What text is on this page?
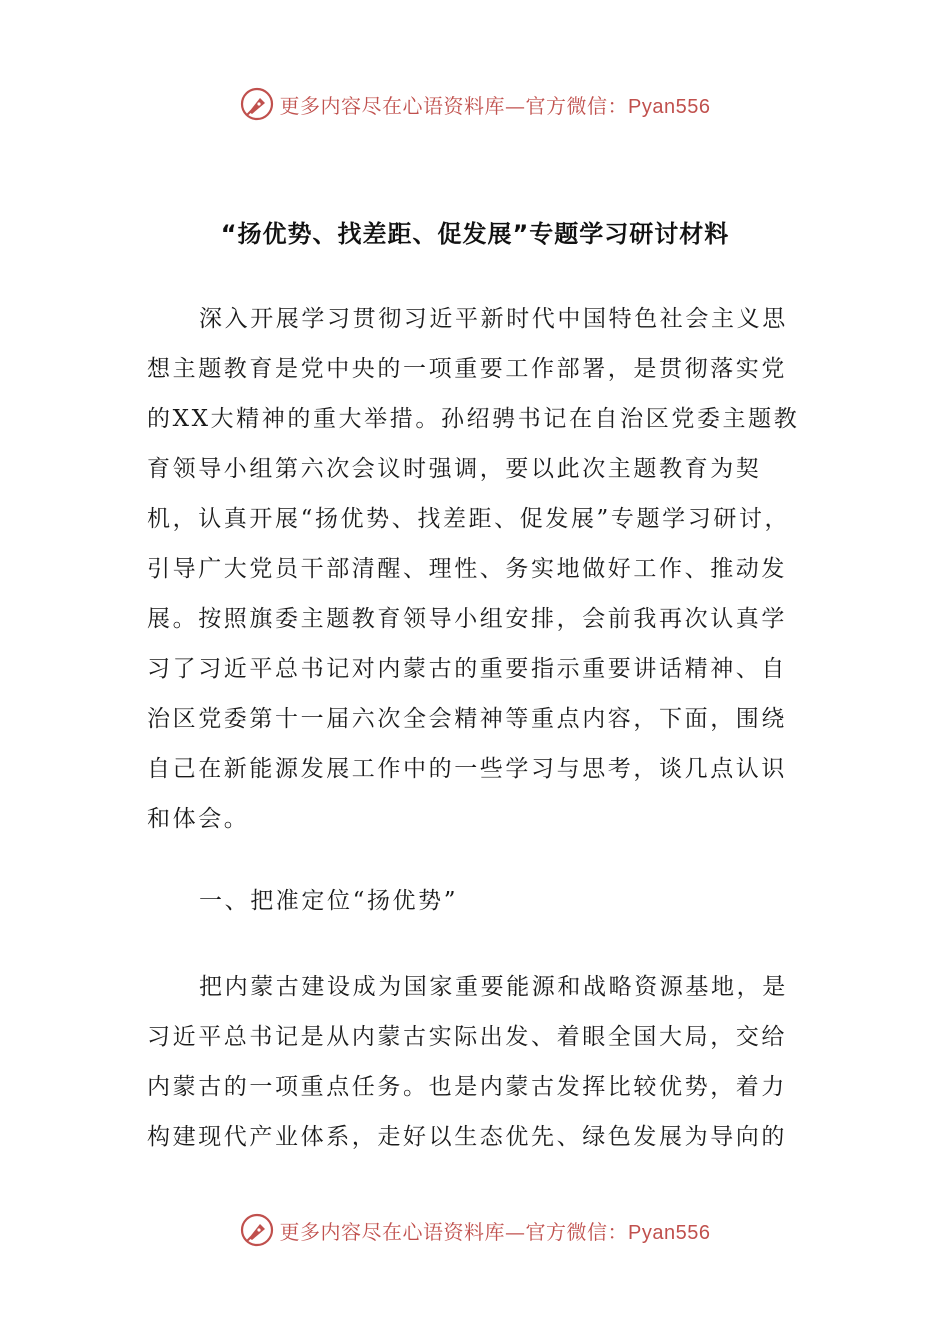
更多内容尽在心语资料库—官方微信：Pyan556
“扬优势、找差距、促发展”专题学习研讨材料

深入开展学习贯彻习近平新时代中国特色社会主义思想主题教育是党中央的一项重要工作部署，是贯彻落实党的XX大精神的重大举措。孙绍骋书记在自治区党委主题教育领导小组第六次会议时强调，要以此次主题教育为契机，认真开展“扬优势、找差距、促发展”专题学习研讨，引导广大党员干部清醒、理性、务实地做好工作、推动发展。按照旗委主题教育领导小组安排，会前我再次认真学习了习近平总书记对内蒙古的重要指示重要讲话精神、自治区党委第十一届六次全会精神等重点内容，下面，围绕自己在新能源发展工作中的一些学习与思考，谈几点认识和体会。

一、把准定位“扬优势”

把内蒙古建设成为国家重要能源和战略资源基地，是习近平总书记是从内蒙古实际出发、着眼全国大局，交给内蒙古的一项重点任务。也是内蒙古发挥比较优势，着力构建现代产业体系，走好以生态优先、绿色发展为导向的

更多内容尽在心语资料库—官方微信：Pyan556
